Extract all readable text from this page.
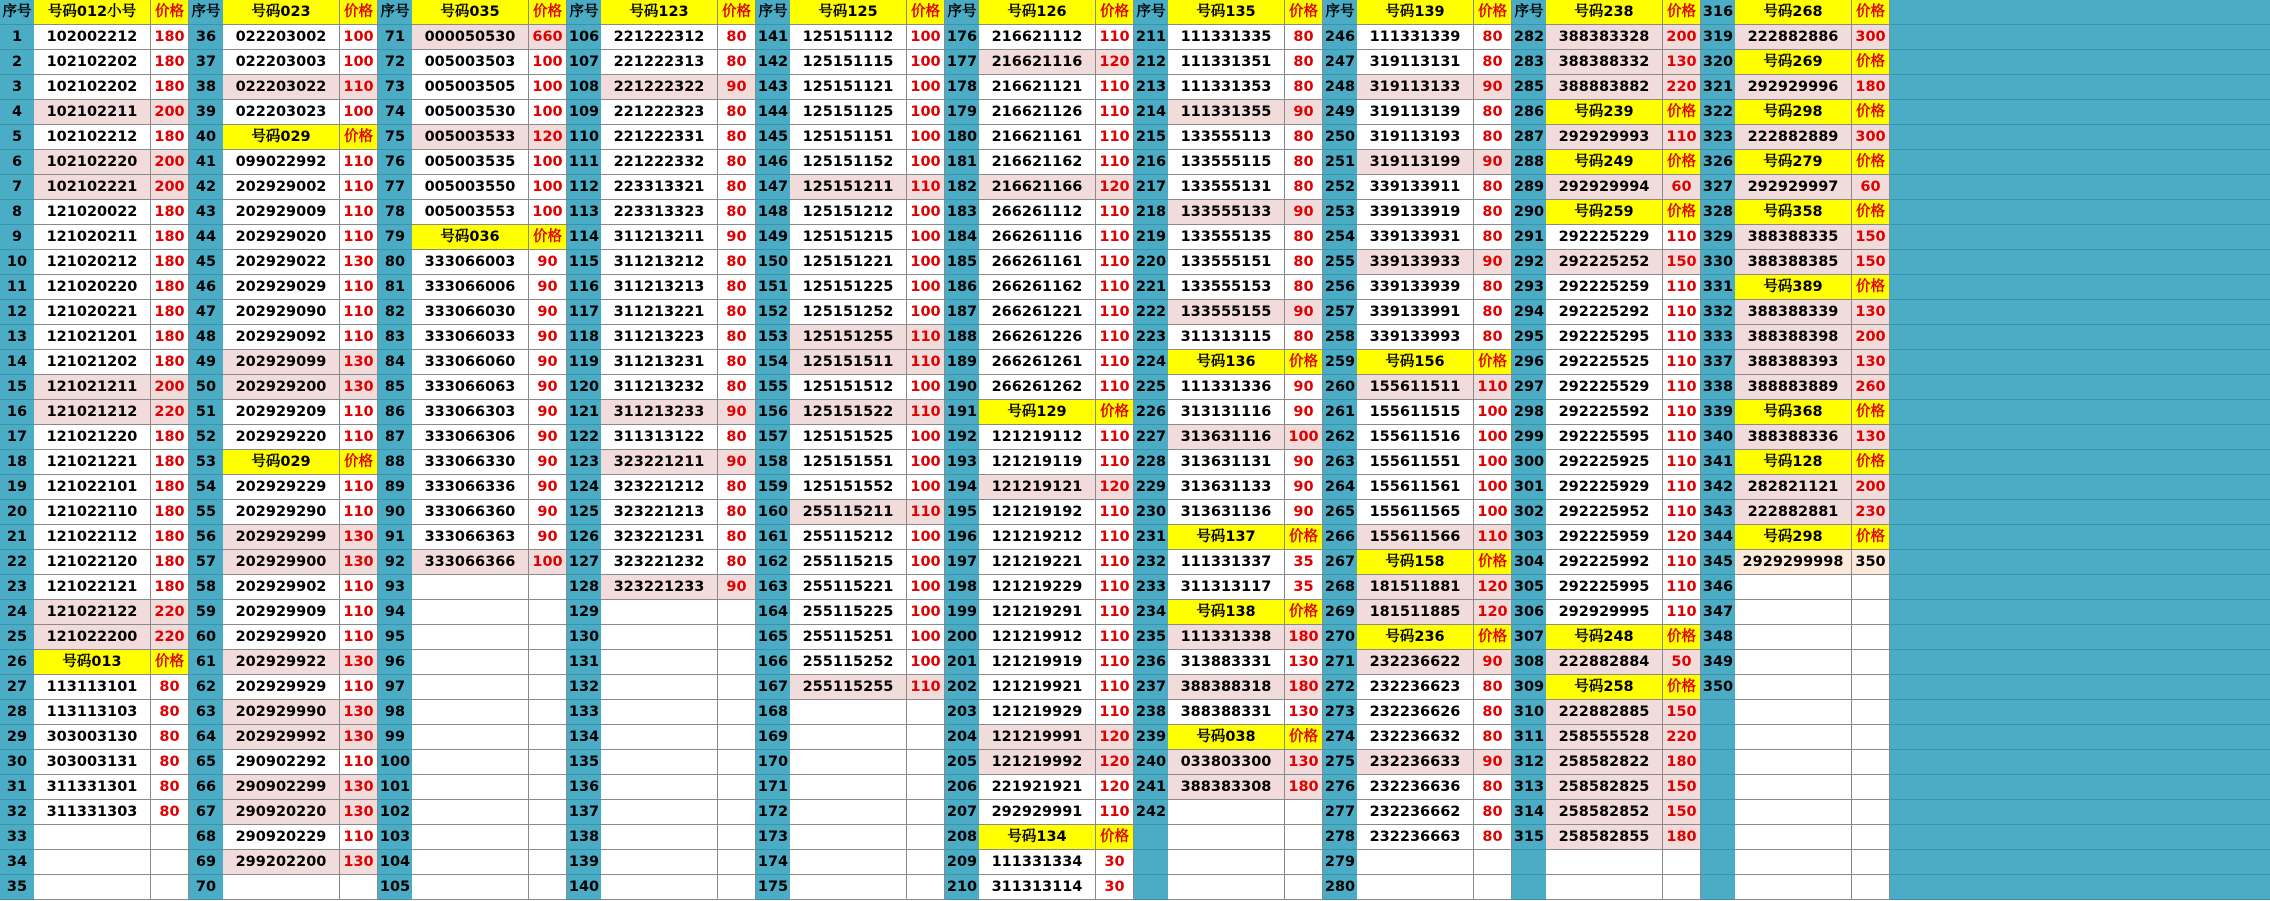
序号	号码012小号	价格
1	102002212	180
2	102102202	180
3	102102202	180
4	102102211	200
5	102102212	180
6	102102220	200
7	102102221	200
8	121020022	180
9	121020211	180
10	121020212	180
11	121020220	180
12	121020221	180
13	121021201	180
14	121021202	180
15	121021211	200
16	121021212	220
17	121021220	180
18	121021221	180
19	121022101	180
20	121022110	180
21	121022112	180
22	121022120	180
23	121022121	180
24	121022122	220
25	121022200	220
26	号码013	价格
27	113113101	80
28	113113103	80
29	303003130	80
30	303003131	80
31	311331301	80
32	311331303	80
33
34
35
序号	号码023	价格
36	022203002	100
37	022203003	100
38	022203022	110
39	022203023	100
40	号码029	价格
41	099022992	110
42	202929002	110
43	202929009	110
44	202929020	110
45	202929022	130
46	202929029	110
47	202929090	110
48	202929092	110
49	202929099	130
50	202929200	130
51	202929209	110
52	202929220	110
53	号码029	价格
54	202929229	110
55	202929290	110
56	202929299	130
57	202929900	130
58	202929902	110
59	202929909	110
60	202929920	110
61	202929922	130
62	202929929	110
63	202929990	130
64	202929992	130
65	290902292	110
66	290902299	130
67	290920220	130
68	290920229	110
69	299202200	130
70
序号	号码035	价格
71	000050530	660
72	005003503	100
73	005003505	100
74	005003530	100
75	005003533	120
76	005003535	100
77	005003550	100
78	005003553	100
79	号码036	价格
80	333066003	90
81	333066006	90
82	333066030	90
83	333066033	90
84	333066060	90
85	333066063	90
86	333066303	90
87	333066306	90
88	333066330	90
89	333066336	90
90	333066360	90
91	333066363	90
92	333066366	100
93
94
95
96
97
98
99
100
101
102
103
104
105
序号	号码123	价格
106 221222312	80
107 221222313	80
108 221222322	90
109 221222323	80
110 221222331	80
111 221222332	80
112 223313321	80
113 223313323	80
114 311213211	90
115 311213212	80
116 311213213	80
117 311213221	80
118 311213223	80
119 311213231	80
120 311213232	80
121 311213233	90
122 311313122	80
123 323221211	90
124 323221212	80
125 323221213	80
126 323221231	80
127 323221232	80
128 323221233	90
129
130
131
132
133
134
135
136
137
138
139
140
序号	号码125	价格
141 125151112	100
142 125151115	100
143 125151121	100
144 125151125	100
145 125151151	100
146 125151152	100
147 125151211	110
148 125151212	100
149 125151215	100
150 125151221	100
151 125151225	100
152 125151252	100
153 125151255	110
154 125151511	110
155 125151512	100
156 125151522	110
157 125151525	100
158 125151551	100
159 125151552	100
160 255115211	110
161 255115212	100
162 255115215	100
163 255115221	100
164 255115225	100
165 255115251	100
166 255115252	100
167 255115255	110
168
169
170
171
172
173
174
175
序号	号码126	价格
176 216621112	110
177 216621116	120
178 216621121	110
179 216621126	110
180 216621161	110
181 216621162	110
182 216621166	120
183 266261112	110
184 266261116	110
185 266261161	110
186 266261162	110
187 266261221	110
188 266261226	110
189 266261261	110
190 266261262	110
191	号码129	价格
192 121219112	110
193 121219119	110
194 121219121	120
195 121219192	110
196 121219212	110
197 121219221	110
198 121219229	110
199 121219291	110
200 121219912	110
201 121219919	110
202 121219921	110
203 121219929	110
204 121219991	120
205 121219992	120
206 221921921	120
207 292929991	110
208	号码134	价格
209 111331334	30
210 311313114	30
序号	号码135	价格
211 111331335	80
212 111331351	80
213 111331353	80
214 111331355	90
215 133555113	80
216 133555115	80
217 133555131	80
218 133555133	90
219 133555135	80
220 133555151	80
221 133555153	80
222 133555155	90
223 311313115	80
224	号码136	价格
225 111331336	90
226 313131116	90
227 313631116	100
228 313631131	90
229 313631133	90
230 313631136	90
231	号码137	价格
232 111331337	35
233 311313117	35
234	号码138	价格
235 111331338	180
236 313883331	130
237 388388318	180
238 388388331	130
239	号码038	价格
240 033803300	130
241 388383308	180
242
序号	号码139	价格
246 111331339	80
247 319113131	80
248 319113133	90
249 319113139	80
250 319113193	80
251 319113199	90
252 339133911	80
253 339133919	80
254 339133931	80
255 339133933	90
256 339133939	80
257 339133991	80
258 339133993	80
259	号码156	价格
260 155611511	110
261 155611515	100
262 155611516	100
263 155611551	100
264 155611561	100
265 155611565	100
266 155611566	110
267	号码158	价格
268 181511881	120
269 181511885	120
270	号码236	价格
271 232236622	90
272 232236623	80
273 232236626	80
274 232236632	80
275 232236633	90
276 232236636	80
277 232236662	80
278 232236663	80
279
280
序号	号码238	价格
282 388383328	200
283 388388332	130
285 388883882	220
286	号码239	价格
287 292929993	110
288	号码249	价格
289 292929994	60
290	号码259	价格
291 292225229	110
292 292225252	150
293 292225259	110
294 292225292	110
295 292225295	110
296 292225525	110
297 292225529	110
298 292225592	110
299 292225595	110
300 292225925	110
301 292225929	110
302 292225952	110
303 292225959	120
304 292225992	110
305 292225995	110
306 292929995	110
307	号码248	价格
308 222882884	50
309	号码258	价格
310 222882885	150
311 258555528	220
312 258582822	180
313 258582825	150
314 258582852	150
315 258582855	180
316	号码268	价格
319 222882886	300
320	号码269	价格
321 292929996	180
322	号码298	价格
323 222882889	300
326	号码279	价格
327 292929997	60
328	号码358	价格
329 388388335	150
330 388388385	150
331	号码389	价格
332 388388339	130
333 388388398	200
337 388388393	130
338 388883889	260
339	号码368	价格
340 388388336	130
341	号码128	价格
342 282821121	200
343 222882881	230
344	号码298	价格
345 2929299998 350
346
347
348
349
350
